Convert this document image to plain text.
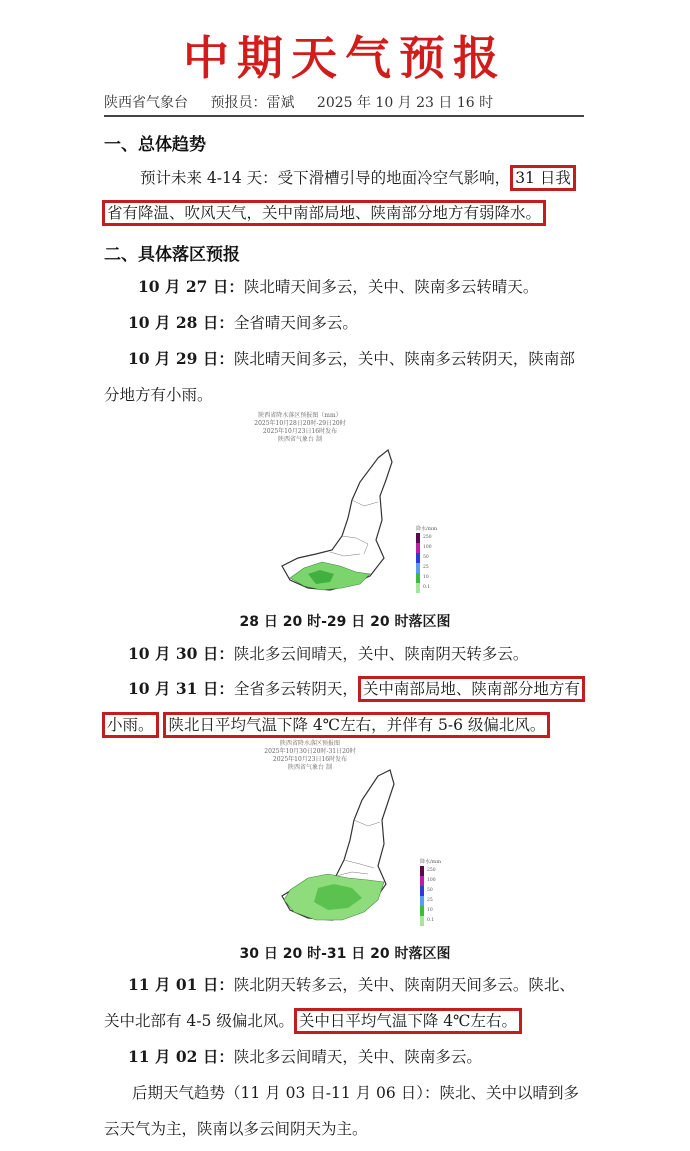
中期天气预报
陕西省气象台 预报员：雷斌 2025 年 10 月 23 日 16 时
一、总体趋势
预计未来 4-14 天：受下滑槽引导的地面冷空气影响， 31 日我
省有降温、吹风天气，关中南部局地、陕南部分地方有弱降水。
二、具体落区预报
10 月 27 日：陕北晴天间多云，关中、陕南多云转晴天。
10 月 28 日：全省晴天间多云。
10 月 29 日：陕北晴天间多云，关中、陕南多云转阴天，陕南部
分地方有小雨。
陕西省降水落区预报图（mm）
2025年10月28日20时-29日20时
2025年10月23日16时发布
陕西省气象台 制
降水/mm
250
100
50
25
10
0.1
28 日 20 时-29 日 20 时落区图
10 月 30 日：陕北多云间晴天，关中、陕南阴天转多云。
10 月 31 日：全省多云转阴天， 关中南部局地、陕南部分地方有
小雨。 陕北日平均气温下降 4℃左右，并伴有 5-6 级偏北风。
陕西省降水落区预报图
2025年10月30日20时-31日20时
2025年10月23日16时发布
陕西省气象台 制
降水/mm
250
100
50
25
10
0.1
30 日 20 时-31 日 20 时落区图
11 月 01 日：陕北阴天转多云，关中、陕南阴天间多云。陕北、
关中北部有 4-5 级偏北风。 关中日平均气温下降 4℃左右。
11 月 02 日：陕北多云间晴天，关中、陕南多云。
后期天气趋势（11 月 03 日-11 月 06 日）：陕北、关中以晴到多
云天气为主，陕南以多云间阴天为主。
